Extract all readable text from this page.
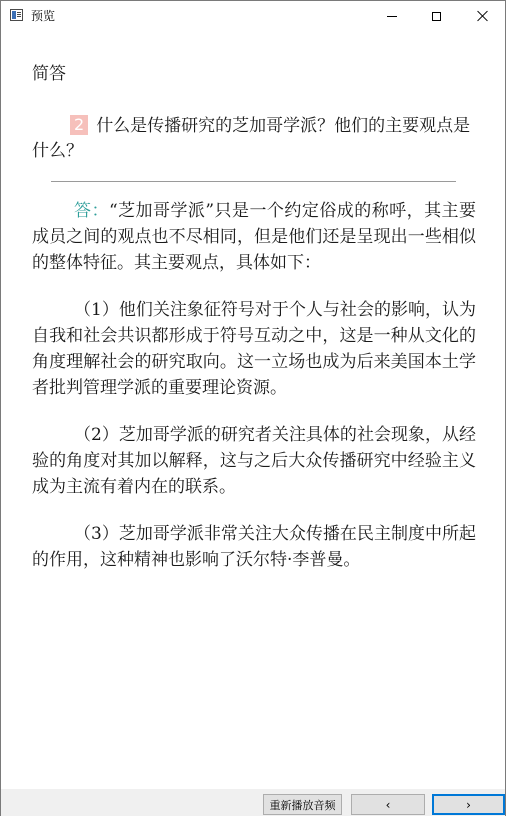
预览
简答

2 什么是传播研究的芝加哥学派？他们的主要观点是什么？

答：“芝加哥学派”只是一个约定俗成的称呼，其主要成员之间的观点也不尽相同，但是他们还是呈现出一些相似的整体特征。其主要观点，具体如下：

（1）他们关注象征符号对于个人与社会的影响，认为自我和社会共识都形成于符号互动之中，这是一种从文化的角度理解社会的研究取向。这一立场也成为后来美国本土学者批判管理学派的重要理论资源。

（2）芝加哥学派的研究者关注具体的社会现象，从经验的角度对其加以解释，这与之后大众传播研究中经验主义成为主流有着内在的联系。

（3）芝加哥学派非常关注大众传播在民主制度中所起的作用，这种精神也影响了沃尔特·李普曼。

重新播放音频	‹	›
